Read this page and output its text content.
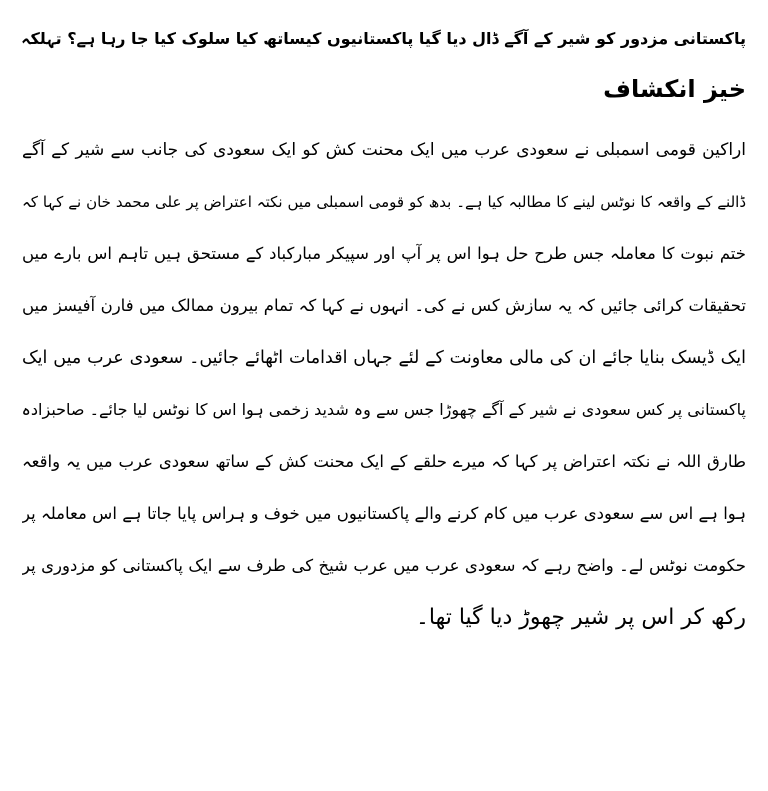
پاکستانی مزدور کو شیر کے آگے ڈال دیا گیا پاکستانیوں کیساتھ کیا سلوک کیا جا رہا ہے؟ تہلکہ
خیز انکشاف
اراکین قومی اسمبلی نے سعودی عرب میں ایک محنت کش کو ایک سعودی کی جانب سے شیر کے آگے
ڈالنے کے واقعہ کا نوٹس لینے کا مطالبہ کیا ہے۔ بدھ کو قومی اسمبلی میں نکتہ اعتراض پر علی محمد خان نے کہا کہ
ختم نبوت کا معاملہ جس طرح حل ہوا اس پر آپ اور سپیکر مبارکباد کے مستحق ہیں تاہم اس بارے میں
تحقیقات کرائی جائیں کہ یہ سازش کس نے کی۔ انہوں نے کہا کہ تمام بیرون ممالک میں فارن آفیسز میں
ایک ڈیسک بنایا جائے ان کی مالی معاونت کے لئے جہاں اقدامات اٹھائے جائیں۔ سعودی عرب میں ایک
پاکستانی پر کس سعودی نے شیر کے آگے چھوڑا جس سے وہ شدید زخمی ہوا اس کا نوٹس لیا جائے۔ صاحبزادہ
طارق اللہ نے نکتہ اعتراض پر کہا کہ میرے حلقے کے ایک محنت کش کے ساتھ سعودی عرب میں یہ واقعہ
ہوا ہے اس سے سعودی عرب میں کام کرنے والے پاکستانیوں میں خوف و ہراس پایا جاتا ہے اس معاملہ پر
حکومت نوٹس لے۔ واضح رہے کہ سعودی عرب میں عرب شیخ کی طرف سے ایک پاکستانی کو مزدوری پر
رکھ کر اس پر شیر چھوڑ دیا گیا تھا۔
